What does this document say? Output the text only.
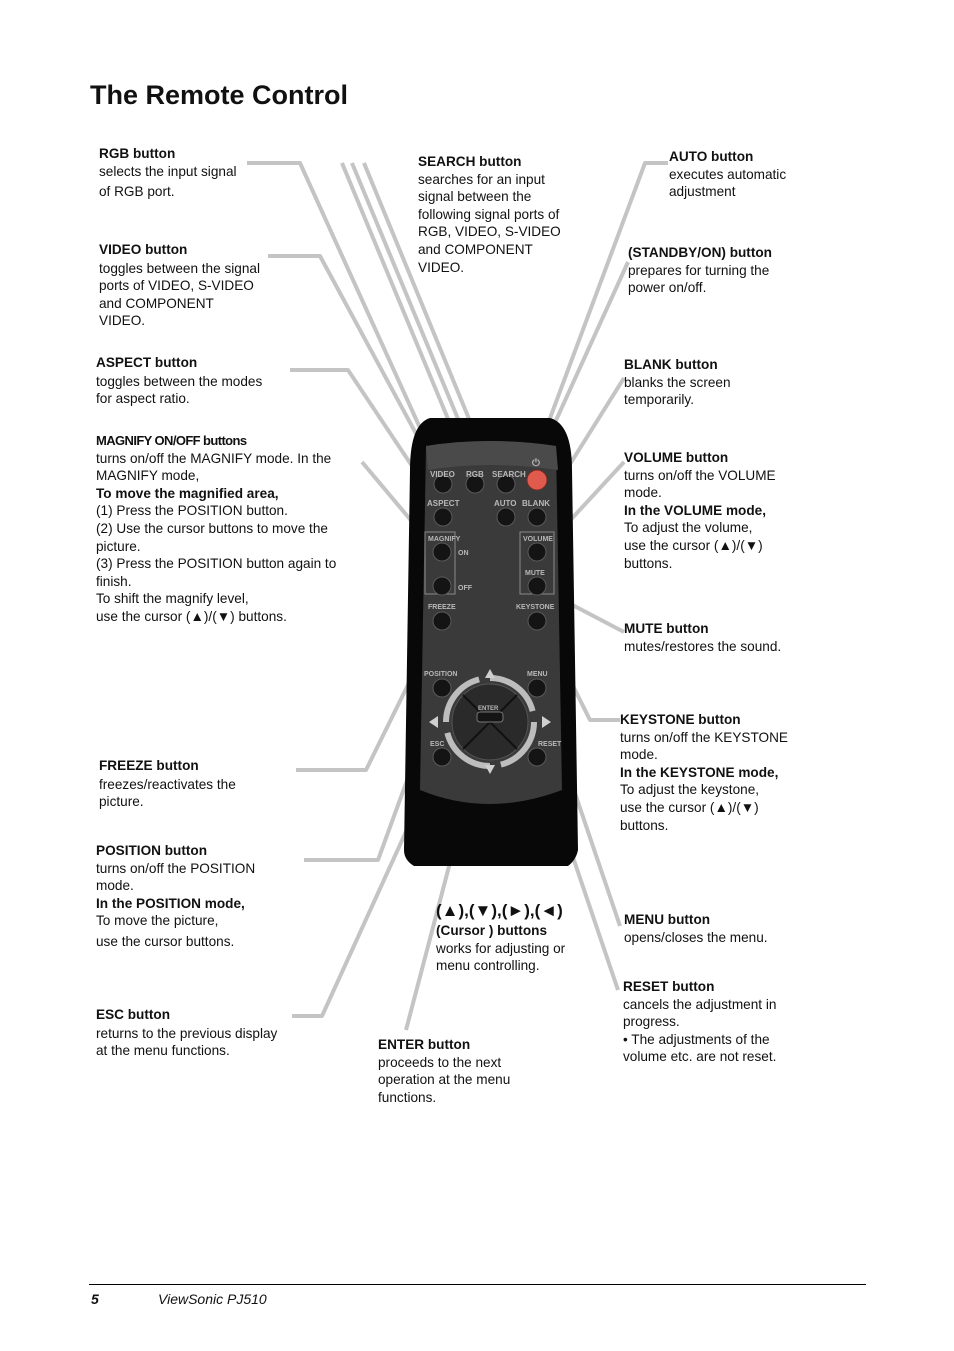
The Remote Control
VIDEO RGB SEARCH
⏻
ASPECT	AUTO BLANK
MAGNIFY
ON
OFF
VOLUME
MUTE
FREEZE	KEYSTONE
ENTER
POSITION	MENU
ESC	RESET
RGB button
selects the input signal
of RGB port.
VIDEO button
toggles between the signal
ports of VIDEO, S-VIDEO
and COMPONENT
VIDEO.
ASPECT button
toggles between the modes
for aspect ratio.
MAGNIFY ON/OFF buttons
turns on/off the MAGNIFY mode. In the
MAGNIFY mode,
To move the magnified area,
(1) Press the POSITION button.
(2) Use the cursor buttons to move the
picture.
(3) Press the POSITION button again to
finish.
To shift the magnify level,
use the cursor (▲)/(▼) buttons.
FREEZE button
freezes/reactivates the
picture.
POSITION button
turns on/off the POSITION
mode.
In the POSITION mode,
To move the picture,
use the cursor buttons.
ESC button
returns to the previous display
at the menu functions.
SEARCH button
searches for an input
signal between the
following signal ports of
RGB, VIDEO, S-VIDEO
and COMPONENT
VIDEO.
(▲),(▼),(►),(◄)
(Cursor ) buttons
works for adjusting or
menu controlling.
ENTER button
proceeds to the next
operation at the menu
functions.
AUTO button
executes automatic
adjustment
(STANDBY/ON) button
prepares for turning the
power on/off.
BLANK button
blanks the screen
temporarily.
VOLUME button
turns on/off the VOLUME
mode.
In the VOLUME mode,
To adjust the volume,
use the cursor (▲)/(▼)
buttons.
MUTE button
mutes/restores the sound.
KEYSTONE button
turns on/off the KEYSTONE
mode.
In the KEYSTONE mode,
To adjust the keystone,
use the cursor (▲)/(▼)
buttons.
MENU button
opens/closes the menu.
RESET button
cancels the adjustment in
progress.
• The adjustments of the
volume etc. are not reset.
5	ViewSonic PJ510
